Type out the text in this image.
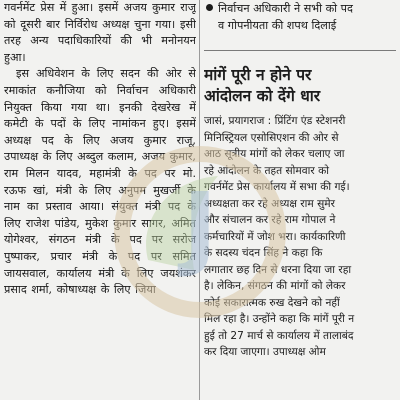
गवर्नमेंट प्रेस में हुआ। इसमें अजय कुमार राजू को दूसरी बार निर्विरोध अध्यक्ष चुना गया। इसी तरह अन्य पदाधिकारियों की भी मनोनयन हुआ।

इस अधिवेशन के लिए सदन की ओर से रमाकांत कनौजिया को निर्वाचन अधिकारी नियुक्त किया गया था। इनकी देखरेख में कमेटी के पदों के लिए नामांकन हुए। इसमें अध्यक्ष पद के लिए अजय कुमार राजू, उपाध्यक्ष के लिए अब्दुल कलाम, अजय कुमार, राम मिलन यादव, महामंत्री के पद पर मो. रऊफ खां, मंत्री के लिए अनुपम मुखर्जी के नाम का प्रस्ताव आया। संयुक्त मंत्री पद के लिए राजेश पांडेय, मुकेश कुमार सागर, अमित योगेश्वर, संगठन मंत्री के पद पर सरोज पुष्पाकर, प्रचार मंत्री के पद पर समित जायसवाल, कार्यालय मंत्री के लिए जयशंकर प्रसाद शर्मा, कोषाध्यक्ष के लिए जिया

निर्वाचन अधिकारी ने सभी को पद
व गोपनीयता की शपथ दिलाई
मांगें पूरी न होने पर
आंदोलन को देंगे धार
जासं, प्रयागराज : प्रिंटिंग एंड स्टेशनरी
मिनिस्ट्रियल एसोसिएशन की ओर से
आठ सूत्रीय मांगों को लेकर चलाए जा
रहे आंदोलन के तहत सोमवार को
गवर्नमेंट प्रेस कार्यालय में सभा की गई।
अध्यक्षता कर रहे अध्यक्ष राम सुमेर
और संचालन कर रहे राम गोपाल ने
कर्मचारियों में जोश भरा। कार्यकारिणी
के सदस्य चंदन सिंह ने कहा कि
लगातार छह दिन से धरना दिया जा रहा
है। लेकिन, संगठन की मांगों को लेकर
कोई सकारात्मक रुख देखने को नहीं
मिल रहा है। उन्होंने कहा कि मांगें पूरी न
हुई तो 27 मार्च से कार्यालय में तालाबंद
कर दिया जाएगा। उपाध्यक्ष ओम
J
